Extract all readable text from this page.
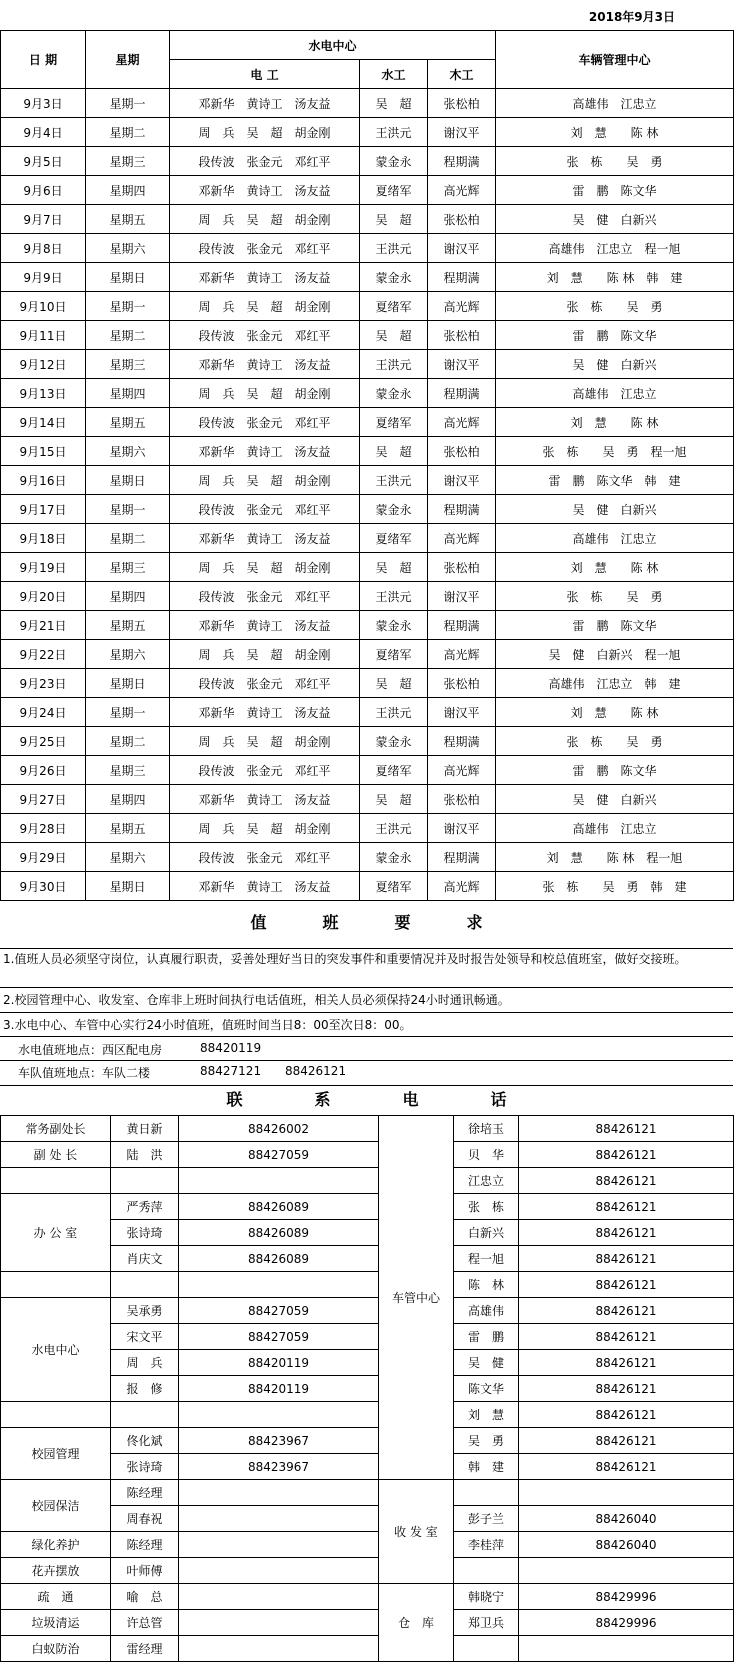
2018年9月3日
日 期	星期	水电中心			车辆管理中心
		电 工	水工	木工	
9月3日	星期一	邓新华　黄诗工　汤友益	吴　超	张松柏	高雄伟　江忠立
9月4日	星期二	周　兵　吴　超　胡金刚	王洪元	谢汉平	刘　慧　　陈 林
9月5日	星期三	段传波　张金元　邓红平	蒙金永	程期满	张　栋　　吴　勇
9月6日	星期四	邓新华　黄诗工　汤友益	夏绪军	高光辉	雷　鹏　陈文华
9月7日	星期五	周　兵　吴　超　胡金刚	吴　超	张松柏	吴　健　白新兴
9月8日	星期六	段传波　张金元　邓红平	王洪元	谢汉平	高雄伟　江忠立　程一旭
9月9日	星期日	邓新华　黄诗工　汤友益	蒙金永	程期满	刘　慧　　陈 林　韩　建
9月10日	星期一	周　兵　吴　超　胡金刚	夏绪军	高光辉	张　栋　　吴　勇
9月11日	星期二	段传波　张金元　邓红平	吴　超	张松柏	雷　鹏　陈文华
9月12日	星期三	邓新华　黄诗工　汤友益	王洪元	谢汉平	吴　健　白新兴
9月13日	星期四	周　兵　吴　超　胡金刚	蒙金永	程期满	高雄伟　江忠立
9月14日	星期五	段传波　张金元　邓红平	夏绪军	高光辉	刘　慧　　陈 林
9月15日	星期六	邓新华　黄诗工　汤友益	吴　超	张松柏	张　栋　　吴　勇　程一旭
9月16日	星期日	周　兵　吴　超　胡金刚	王洪元	谢汉平	雷　鹏　陈文华　韩　建
9月17日	星期一	段传波　张金元　邓红平	蒙金永	程期满	吴　健　白新兴
9月18日	星期二	邓新华　黄诗工　汤友益	夏绪军	高光辉	高雄伟　江忠立
9月19日	星期三	周　兵　吴　超　胡金刚	吴　超	张松柏	刘　慧　　陈 林
9月20日	星期四	段传波　张金元　邓红平	王洪元	谢汉平	张　栋　　吴　勇
9月21日	星期五	邓新华　黄诗工　汤友益	蒙金永	程期满	雷　鹏　陈文华
9月22日	星期六	周　兵　吴　超　胡金刚	夏绪军	高光辉	吴　健　白新兴　程一旭
9月23日	星期日	段传波　张金元　邓红平	吴　超	张松柏	高雄伟　江忠立　韩　建
9月24日	星期一	邓新华　黄诗工　汤友益	王洪元	谢汉平	刘　慧　　陈 林
9月25日	星期二	周　兵　吴　超　胡金刚	蒙金永	程期满	张　栋　　吴　勇
9月26日	星期三	段传波　张金元　邓红平	夏绪军	高光辉	雷　鹏　陈文华
9月27日	星期四	邓新华　黄诗工　汤友益	吴　超	张松柏	吴　健　白新兴
9月28日	星期五	周　兵　吴　超　胡金刚	王洪元	谢汉平	高雄伟　江忠立
9月29日	星期六	段传波　张金元　邓红平	蒙金永	程期满	刘　慧　　陈 林　程一旭
9月30日	星期日	邓新华　黄诗工　汤友益	夏绪军	高光辉	张　栋　　吴　勇　韩　建
值	班	要	求
1.值班人员必须坚守岗位，认真履行职责，妥善处理好当日的突发事件和重要情况并及时报告处领导和校总值班室，做好交接班。
2.校园管理中心、收发室、仓库非上班时间执行电话值班，相关人员必须保持24小时通讯畅通。
3.水电中心、车管中心实行24小时值班，值班时间当日8：00至次日8：00。
水电值班地点：西区配电房	88420119
车队值班地点：车队二楼	88427121 88426121
联	系	电	话
常务副处长	黄日新	88426002	车管中心	徐培玉	88426121
副 处 长	陆　洪	88427059		贝　华	88426121
				江忠立	88426121
办 公 室	严秀萍	88426089		张　栋	88426121
	张诗琦	88426089		白新兴	88426121
	肖庆文	88426089		程一旭	88426121
				陈　林	88426121
水电中心	吴承勇	88427059		高雄伟	88426121
	宋文平	88427059		雷　鹏	88426121
	周　兵	88420119		吴　健	88426121
	报　修	88420119		陈文华	88426121
				刘　慧	88426121
校园管理	佟化斌	88423967		吴　勇	88426121
	张诗琦	88423967		韩　建	88426121
校园保洁	陈经理		收 发 室		
	周春祝			彭子兰	88426040
绿化养护	陈经理			李桂萍	88426040
花卉摆放	叶师傅				
疏　通	喻　总		仓　库	韩晓宁	88429996
垃圾清运	许总管			郑卫兵	88429996
白蚁防治	雷经理				
